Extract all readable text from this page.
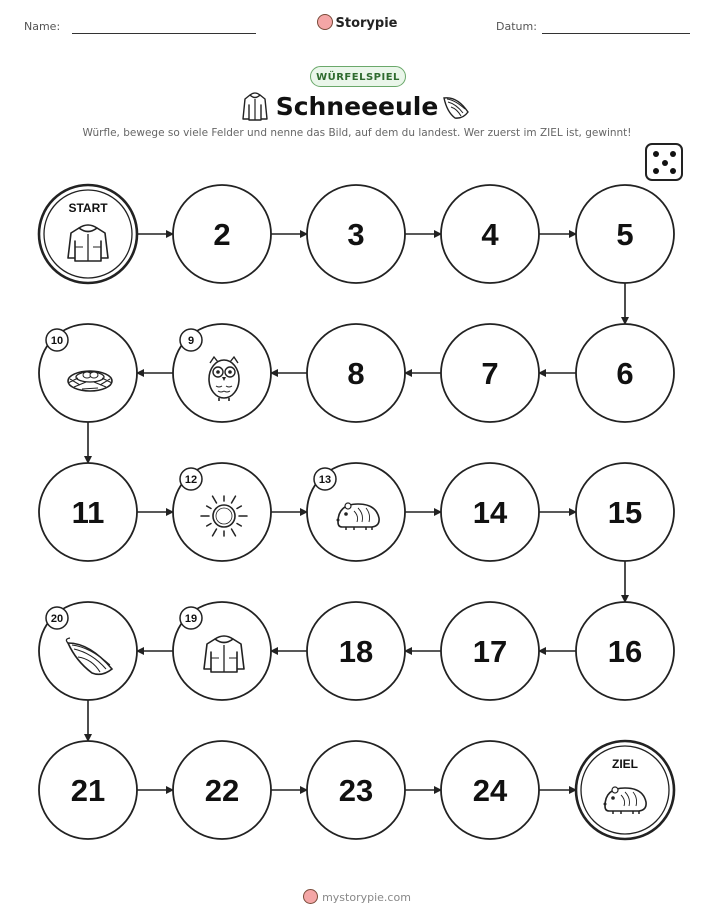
Name:	Storypie	Datum:
WÜRFELSPIEL
Schneeeule
Würfle, bewege so viele Felder und nenne das Bild, auf dem du landest. Wer zuerst im ZIEL ist, gewinnt!
START
2	3	4	5
6
7
8
9
10
11
12	13
14	15
16
17
18
19
20
21	22	23	24
ZIEL
mystorypie.com
